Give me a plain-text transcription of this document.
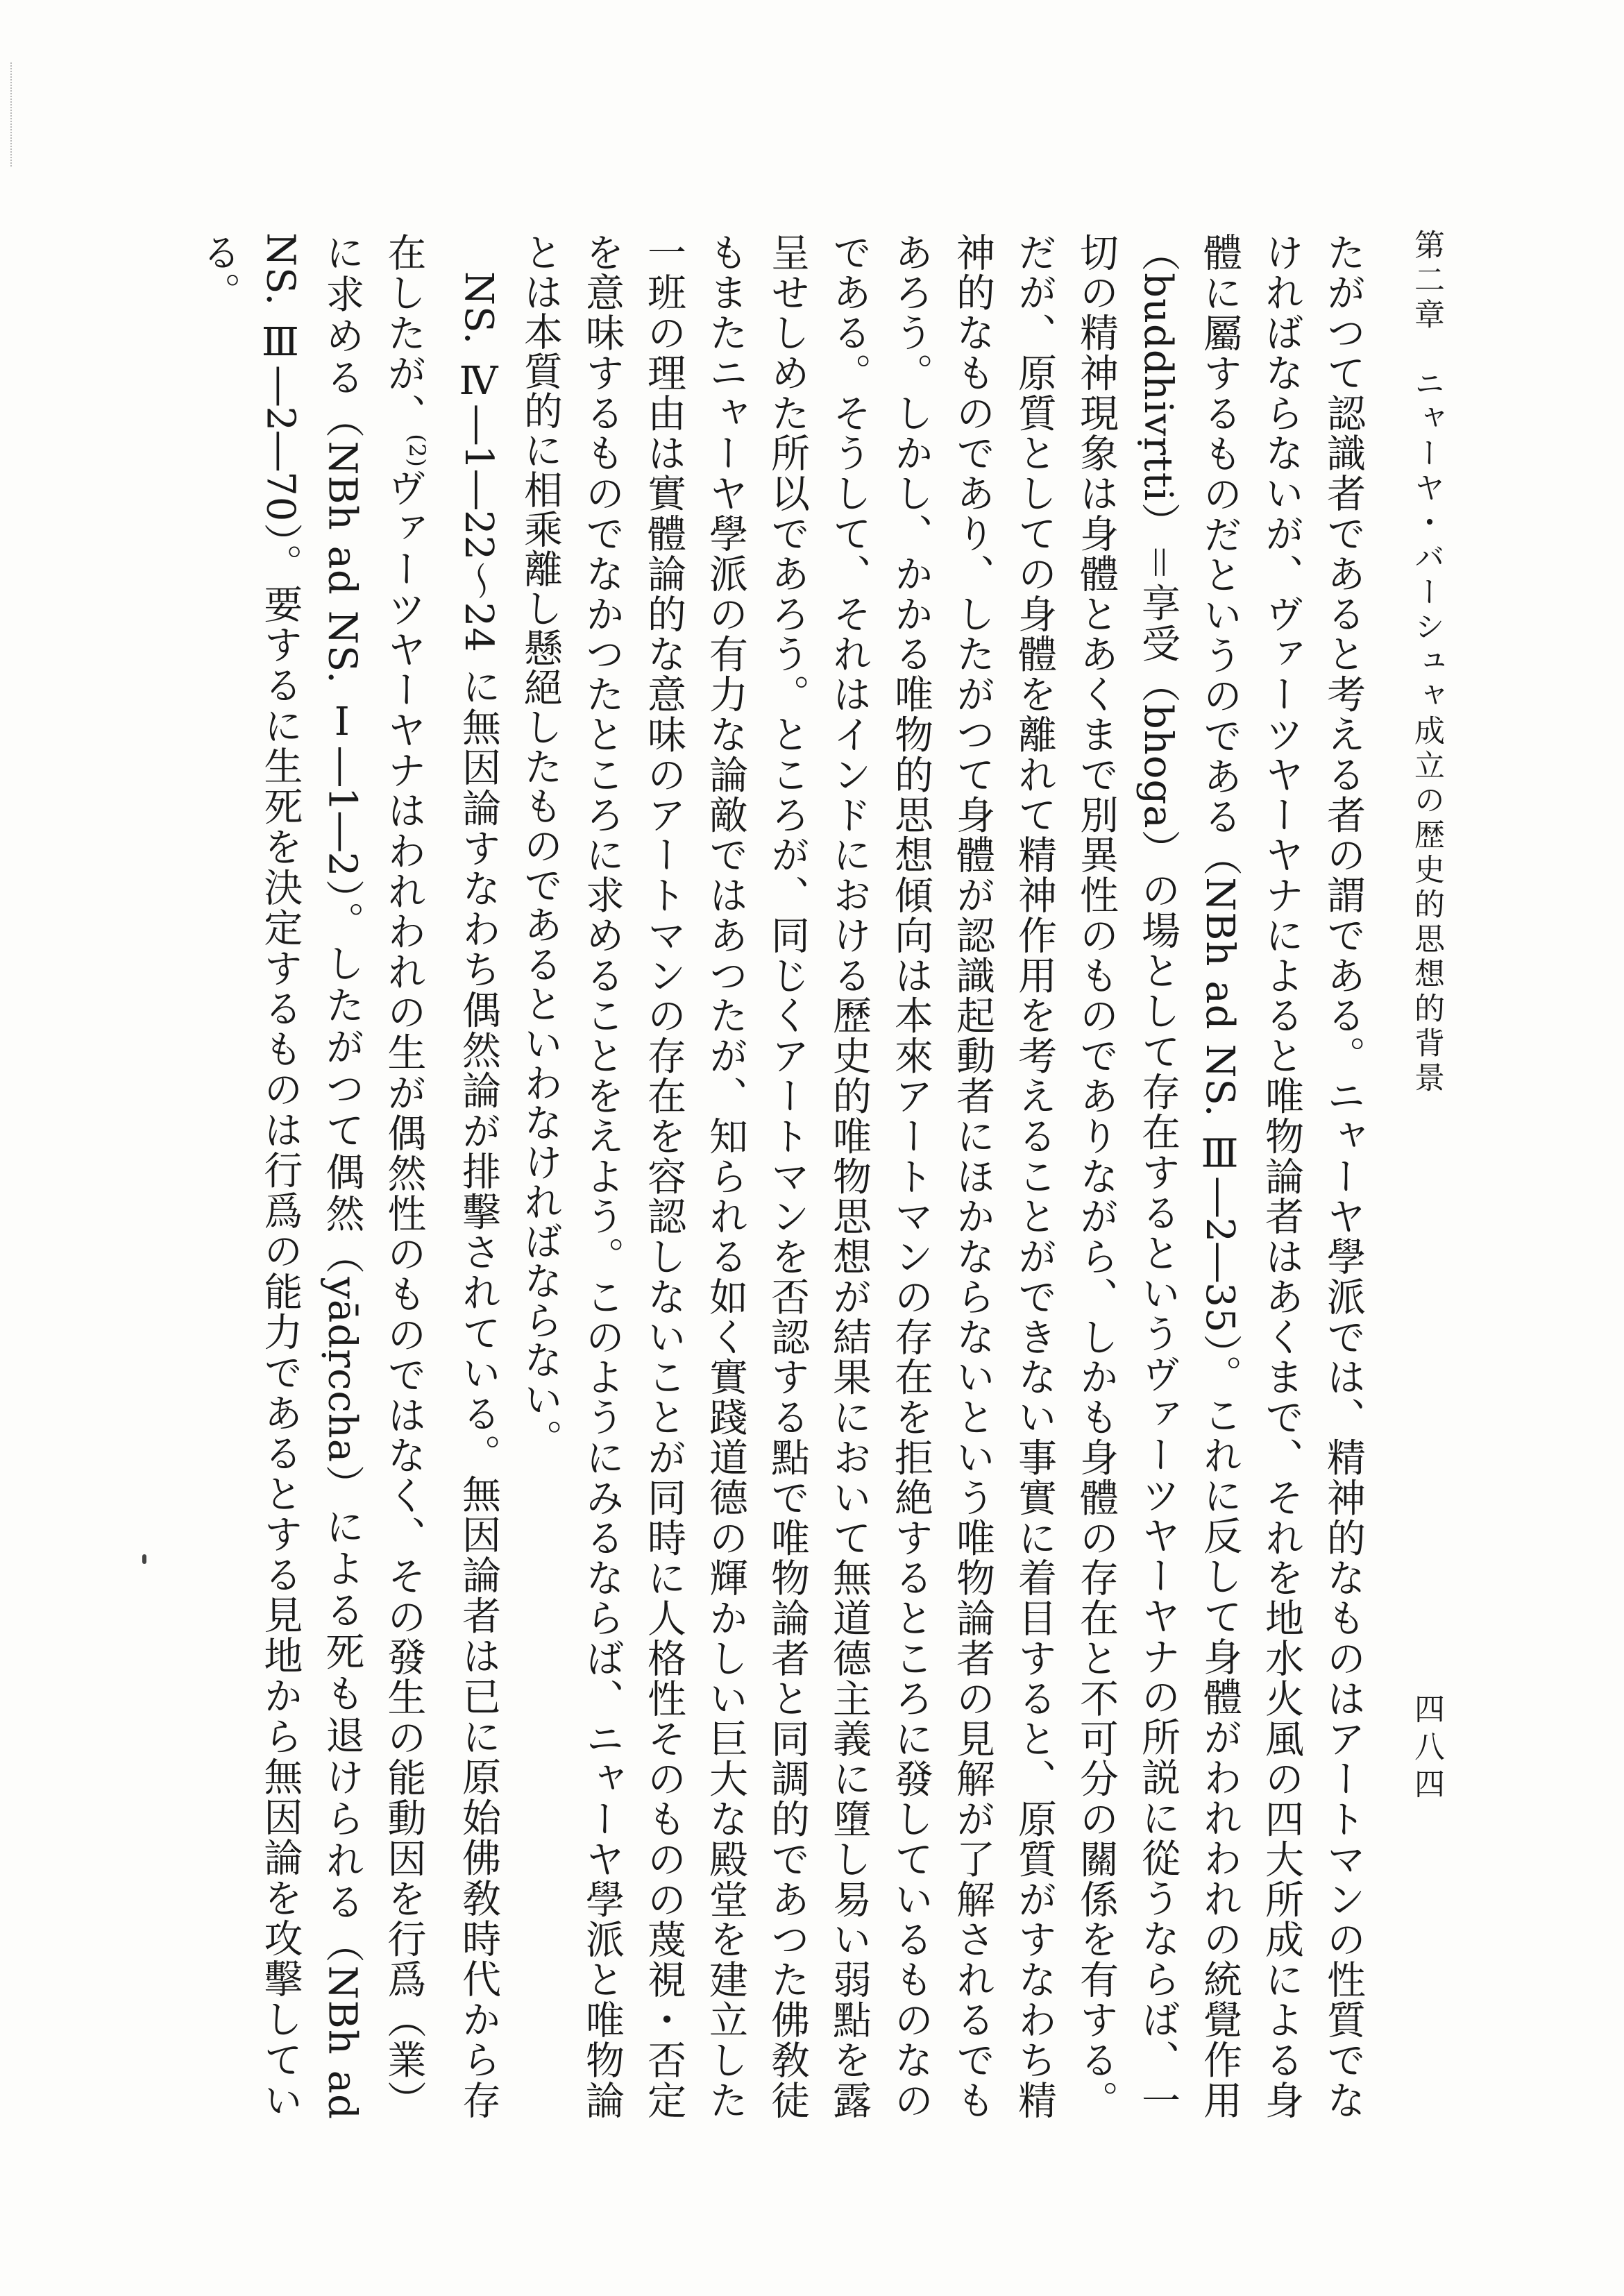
第二章　ニャーヤ・バーシュャ成立の歴史的思想的背景
四八四

たがつて認識者であると考える者の謂である。ニャーヤ學派では、精神的なものはアートマンの性質でなければならないが、ヴァーツヤーヤナによると唯物論者はあくまで、それを地水火風の四大所成による身體に屬するものだというのである（NBh ad NS. Ⅲ―2―35）。これに反して身體がわれわれの統覺作用（buddhivṛtti）＝享受（bhoga）の場として存在するというヴァーツヤーヤナの所説に從うならば、一切の精神現象は身體とあくまで別異性のものでありながら、しかも身體の存在と不可分の關係を有する。だが、原質としての身體を離れて精神作用を考えることができない事實に着目すると、原質がすなわち精神的なものであり、したがつて身體が認識起動者にほかならないという唯物論者の見解が了解されるでもあろう。しかし、かかる唯物的思想傾向は本來アートマンの存在を拒絶するところに發しているものなのである。そうして、それはインドにおける歷史的唯物思想が結果において無道德主義に墮し易い弱點を露呈せしめた所以であろう。ところが、同じくアートマンを否認する點で唯物論者と同調的であつた佛敎徒もまたニャーヤ學派の有力な論敵ではあつたが、知られる如く實踐道德の輝かしい巨大な殿堂を建立した一班の理由は實體論的な意味のアートマンの存在を容認しないことが同時に人格性そのものの蔑視・否定を意味するものでなかつたところに求めることをえよう。このようにみるならば、ニャーヤ學派と唯物論とは本質的に相乘離し懸絕したものであるといわなければならない。

NS. Ⅳ―1―22～24 に無因論すなわち偶然論が排擊されている。無因論者は已に原始佛敎時代から存在したが、$^{(2)}$ヴァーツヤーヤナはわれわれの生が偶然性のものではなく、その發生の能動因を行爲（業）に求める（NBh ad NS. Ⅰ―1―2）。したがつて偶然（yādṛccha）による死も退けられる（NBh ad NS. Ⅲ―2―70）。要するに生死を決定するものは行爲の能力であるとする見地から無因論を攻擊している。
